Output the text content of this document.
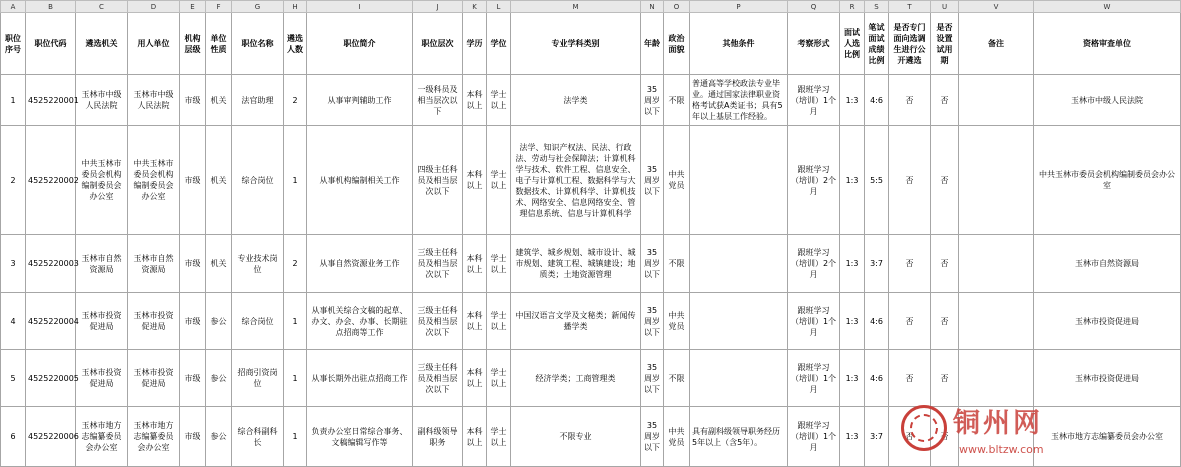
A	B	C	D	E	F	G	H	I	J	K	L	M	N	O	P	Q	R	S	T	U	V	W
职位序号	职位代码	遴选机关	用人单位	机构层级	单位性质	职位名称	遴选人数	职位简介	职位层次	学历	学位	专业学科类别	年龄	政治面貌	其他条件	考察形式	面试人选比例	笔试面试成绩比例	是否专门面向选调生进行公开遴选	是否设置试用期	备注	资格审查单位
1	4525220001	玉林市中级人民法院	玉林市中级人民法院	市级	机关	法官助理	2	从事审判辅助工作	一级科员及相当层次以下	本科以上	学士以上	法学类	35周岁以下	不限	普通高等学校政法专业毕业。通过国家法律职业资格考试获A类证书；具有5年以上基层工作经验。	跟班学习（培训）1个月	1:3	4:6	否	否		玉林市中级人民法院
2	4525220002	中共玉林市委员会机构编制委员会办公室	中共玉林市委员会机构编制委员会办公室	市级	机关	综合岗位	1	从事机构编制相关工作	四级主任科员及相当层次以下	本科以上	学士以上	法学、知识产权法、民法、行政法、劳动与社会保障法；计算机科学与技术、软件工程、信息安全、电子与计算机工程、数据科学与大数据技术、计算机科学、计算机技术、网络安全、信息网络安全、管理信息系统、信息与计算机科学	35周岁以下	中共党员		跟班学习（培训）2个月	1:3	5:5	否	否		中共玉林市委员会机构编制委员会办公室
3	4525220003	玉林市自然资源局	玉林市自然资源局	市级	机关	专业技术岗位	2	从事自然资源业务工作	三级主任科员及相当层次以下	本科以上	学士以上	建筑学、城乡规划、城市设计、城市规划、建筑工程、城镇建设；地质类；土地资源管理	35周岁以下	不限		跟班学习（培训）2个月	1:3	3:7	否	否		玉林市自然资源局
4	4525220004	玉林市投资促进局	玉林市投资促进局	市级	参公	综合岗位	1	从事机关综合文稿的起草、办文、办会、办事、长期驻点招商等工作	三级主任科员及相当层次以下	本科以上	学士以上	中国汉语言文学及文秘类；新闻传播学类	35周岁以下	中共党员		跟班学习（培训）1个月	1:3	4:6	否	否		玉林市投资促进局
5	4525220005	玉林市投资促进局	玉林市投资促进局	市级	参公	招商引资岗位	1	从事长期外出驻点招商工作	三级主任科员及相当层次以下	本科以上	学士以上	经济学类；工商管理类	35周岁以下	不限		跟班学习（培训）1个月	1:3	4:6	否	否		玉林市投资促进局
6	4525220006	玉林市地方志编纂委员会办公室	玉林市地方志编纂委员会办公室	市级	参公	综合科副科长	1	负责办公室日常综合事务、文稿编辑写作等	副科级领导职务	本科以上	学士以上	不限专业	35周岁以下	中共党员	具有副科级领导职务经历5年以上（含5年）。	跟班学习（培训）1个月	1:3	3:7	否	否		玉林市地方志编纂委员会办公室
铜州网
www.bltzw.com
